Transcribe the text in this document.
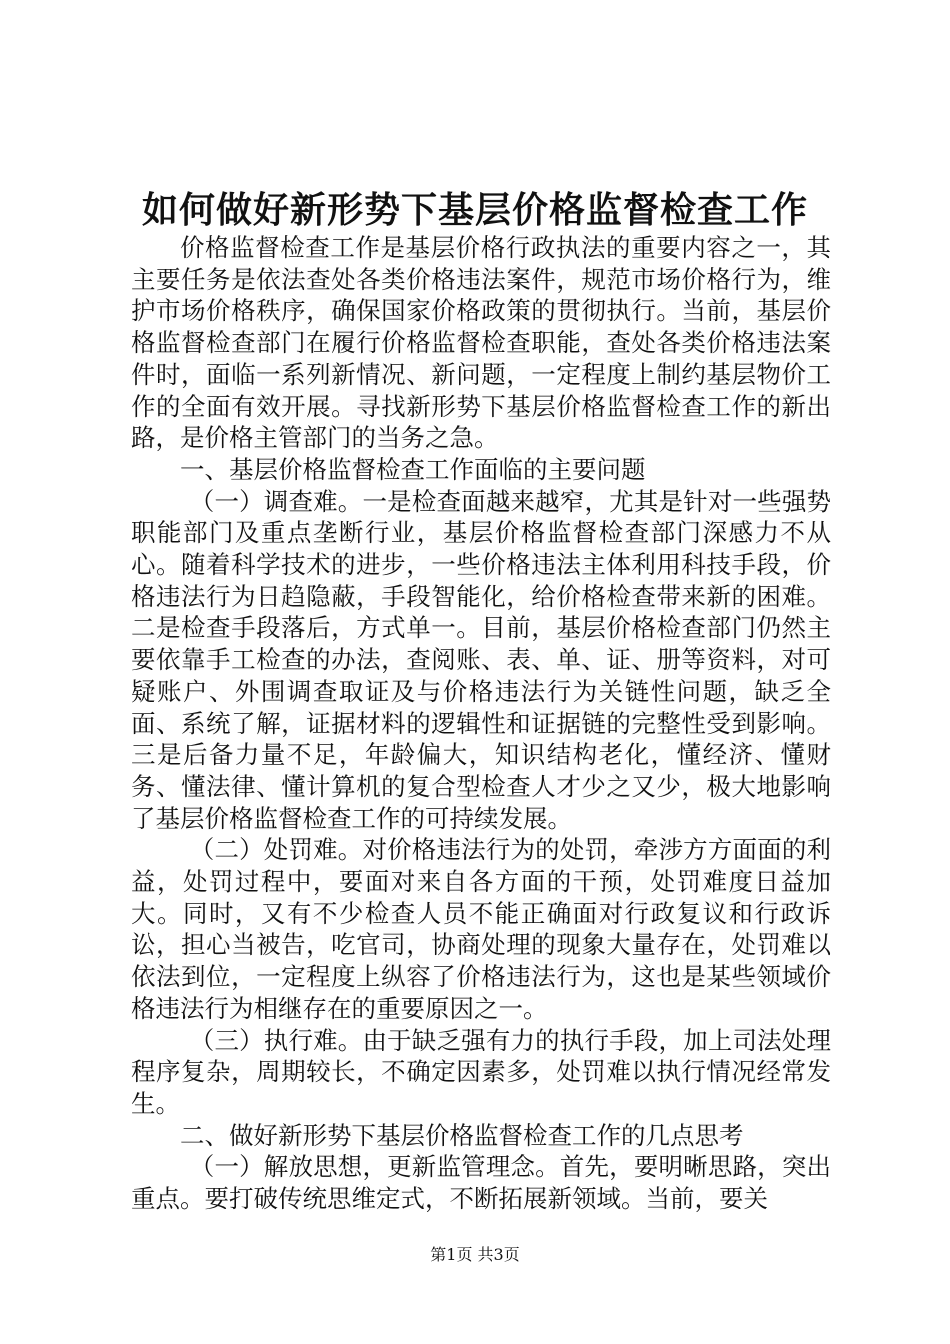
如何做好新形势下基层价格监督检查工作

价格监督检查工作是基层价格行政执法的重要内容之一，其主要任务是依法查处各类价格违法案件，规范市场价格行为，维护市场价格秩序，确保国家价格政策的贯彻执行。当前，基层价格监督检查部门在履行价格监督检查职能，查处各类价格违法案件时，面临一系列新情况、新问题，一定程度上制约基层物价工作的全面有效开展。寻找新形势下基层价格监督检查工作的新出路，是价格主管部门的当务之急。

一、基层价格监督检查工作面临的主要问题

（一）调查难。一是检查面越来越窄，尤其是针对一些强势职能部门及重点垄断行业，基层价格监督检查部门深感力不从心。随着科学技术的进步，一些价格违法主体利用科技手段，价格违法行为日趋隐蔽，手段智能化，给价格检查带来新的困难。二是检查手段落后，方式单一。目前，基层价格检查部门仍然主要依靠手工检查的办法，查阅账、表、单、证、册等资料，对可疑账户、外围调查取证及与价格违法行为关链性问题，缺乏全面、系统了解，证据材料的逻辑性和证据链的完整性受到影响。三是后备力量不足，年龄偏大，知识结构老化，懂经济、懂财务、懂法律、懂计算机的复合型检查人才少之又少，极大地影响了基层价格监督检查工作的可持续发展。

（二）处罚难。对价格违法行为的处罚，牵涉方方面面的利益，处罚过程中，要面对来自各方面的干预，处罚难度日益加大。同时，又有不少检查人员不能正确面对行政复议和行政诉讼，担心当被告，吃官司，协商处理的现象大量存在，处罚难以依法到位，一定程度上纵容了价格违法行为，这也是某些领域价格违法行为相继存在的重要原因之一。

（三）执行难。由于缺乏强有力的执行手段，加上司法处理程序复杂，周期较长，不确定因素多，处罚难以执行情况经常发生。

二、做好新形势下基层价格监督检查工作的几点思考

（一）解放思想，更新监管理念。首先，要明晰思路，突出重点。要打破传统思维定式，不断拓展新领域。当前，要关

第1页 共3页
